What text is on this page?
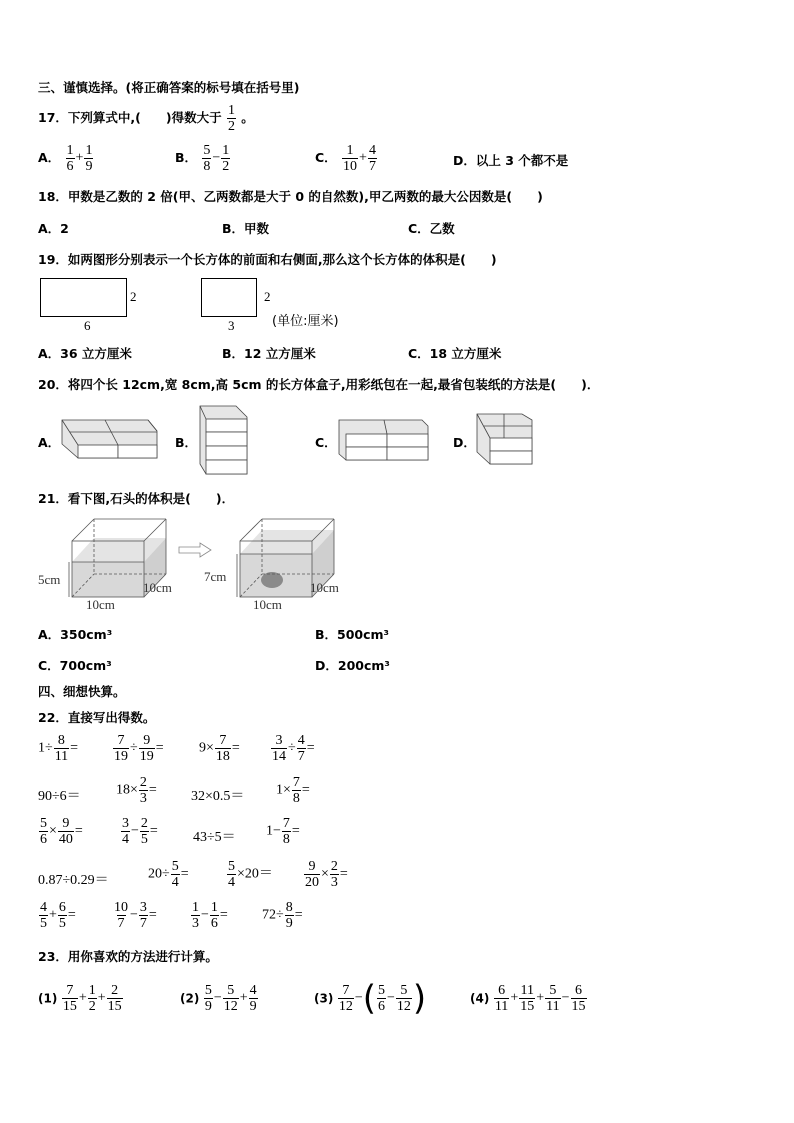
三、谨慎选择。(将正确答案的标号填在括号里)
17．下列算式中,(　　)得数大于 $\frac{1}{2}$ 。
A． $\frac{1}{6} + \frac{1}{9}$	B． $\frac{5}{8} - \frac{1}{2}$	C． $\frac{1}{10} + \frac{4}{7}$	D．以上 3 个都不是
18．甲数是乙数的 2 倍(甲、乙两数都是大于 0 的自然数),甲乙两数的最大公因数是(　　)
A．2	B．甲数	C．乙数
19．如两图形分别表示一个长方体的前面和右侧面,那么这个长方体的体积是(　　)
2
6
2
3	(单位:厘米)
A．36 立方厘米	B．12 立方厘米	C．18 立方厘米
20．将四个长 12cm,宽 8cm,高 5cm 的长方体盒子,用彩纸包在一起,最省包装纸的方法是(　　)．
A．	B．	C．	D．
21．看下图,石头的体积是(　　)．
5cm
10cm
10cm
7cm
10cm
10cm
A．350cm³	B．500cm³
C．700cm³	D．200cm³
四、细想快算。
22．直接写出得数。
$1\div \frac{8}{11} = \frac{7}{19} \div \frac{9}{19}$ =	$9\times \frac{7}{18} = \frac{3}{14} \div \frac{4}{7}$ =
90÷6＝	$18\times \frac{2}{3} = 32\times 0.5= 1\times \frac{7}{8}$ =
$\frac{5}{6} \times \frac{9}{40}$ =	$\frac{3}{4} - \frac{2}{5}$ =	$43\div 5= 1- \frac{7}{8}$ =
0.87÷0.29＝	$20\div \frac{5}{4}$ =	$\frac{5}{4} \times 20= \frac{9}{20} \times \frac{2}{3}$ =
$\frac{4}{5} + \frac{6}{5}$ =	$\frac{10}{7} - \frac{3}{7} = \frac{1}{3} - \frac{1}{6} = 72\div \frac{8}{9}$ =
23．用你喜欢的方法进行计算。
$(1) \frac{7}{15} + \frac{1}{2} + \frac{2}{15}$	$(2) \frac{5}{9} - \frac{5}{12} + \frac{4}{9}$	$(3) \frac{7}{12}$ −( $\frac{5}{6} - \frac{5}{12}$ )	$(4) \frac{6}{11} + \frac{11}{15} + \frac{5}{11} - \frac{6}{15}$
